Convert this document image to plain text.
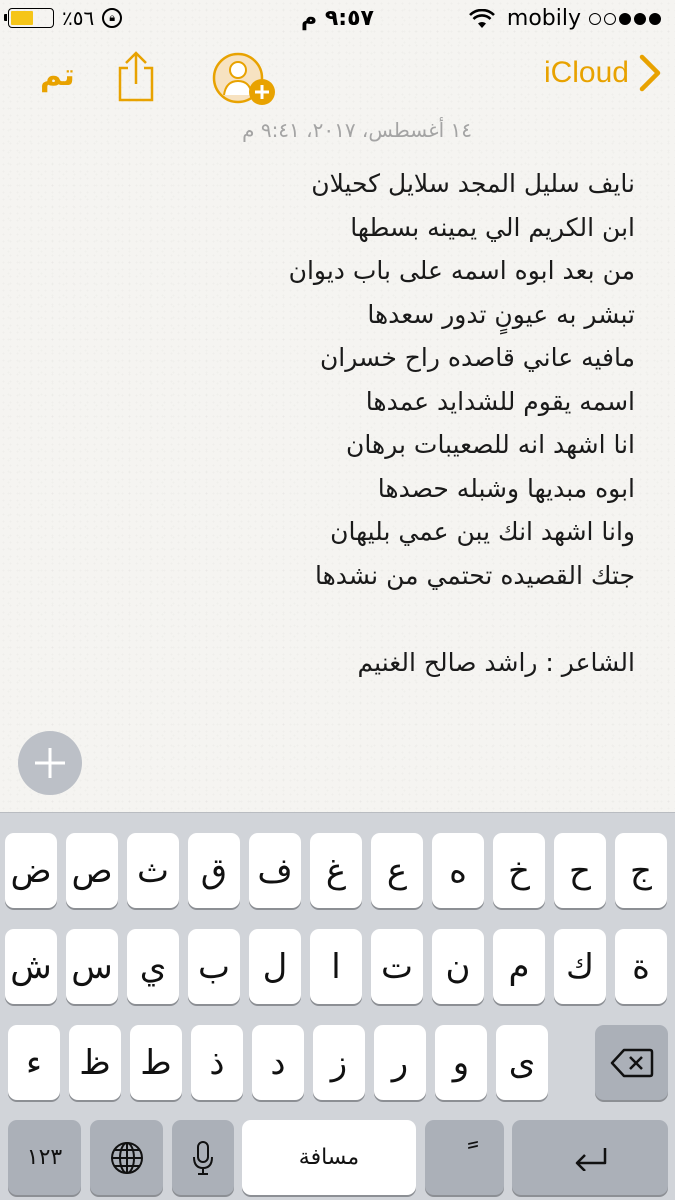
٪٥٦	🔒︎	٩:٥٧ م	mobily
iCloud
تم
١٤ أغسطس، ٢٠١٧، ٩:٤١ م
نايف سليل المجد سلايل كحيلان
ابن الكريم الي يمينه بسطها
من بعد ابوه اسمه على باب ديوان
تبشر به عيونٍ تدور سعدها
مافيه عاني قاصده راح خسران
اسمه يقوم للشدايد عمدها
انا اشهد انه للصعيبات برهان
ابوه مبديها وشبله حصدها
وانا اشهد انك يبن عمي بليهان
جتك القصيده تحتمي من نشدها
الشاعر : راشد صالح الغنيم
١٢٣	مسافة
ج
ح
خ
ه
ع
غ
ف
ق
ث
ص
ض
ة
ك
م
ن
ت
ا
ل
ب
ي
س
ش
ى
و
ر
ز
د
ذ
ط
ظ
ء
